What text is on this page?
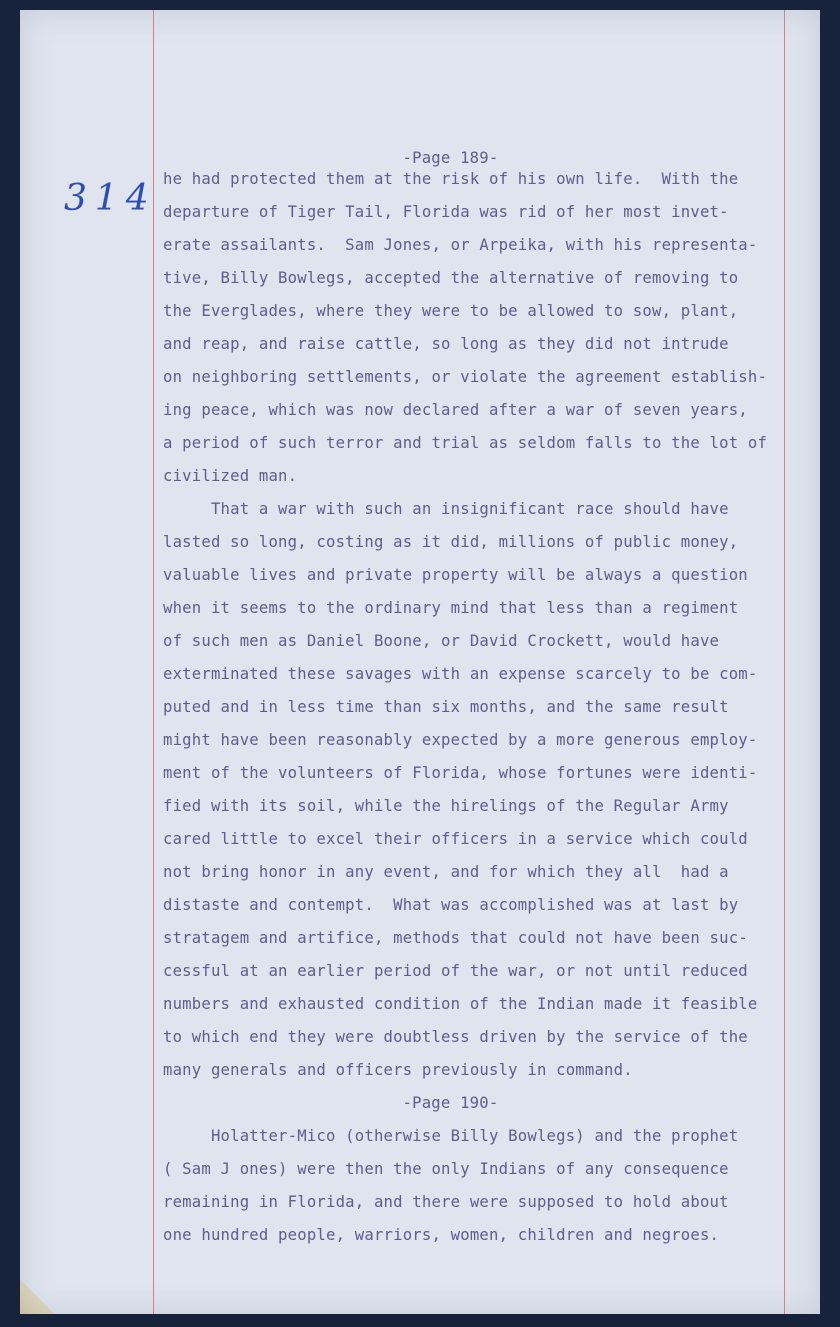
314
-Page 189-
he had protected them at the risk of his own life.  With the
departure of Tiger Tail, Florida was rid of her most invet-
erate assailants.  Sam Jones, or Arpeika, with his representa-
tive, Billy Bowlegs, accepted the alternative of removing to
the Everglades, where they were to be allowed to sow, plant,
and reap, and raise cattle, so long as they did not intrude
on neighboring settlements, or violate the agreement establish-
ing peace, which was now declared after a war of seven years,
a period of such terror and trial as seldom falls to the lot of
civilized man.
That a war with such an insignificant race should have
lasted so long, costing as it did, millions of public money,
valuable lives and private property will be always a question
when it seems to the ordinary mind that less than a regiment
of such men as Daniel Boone, or David Crockett, would have
exterminated these savages with an expense scarcely to be com-
puted and in less time than six months, and the same result
might have been reasonably expected by a more generous employ-
ment of the volunteers of Florida, whose fortunes were identi-
fied with its soil, while the hirelings of the Regular Army
cared little to excel their officers in a service which could
not bring honor in any event, and for which they all  had a
distaste and contempt.  What was accomplished was at last by
stratagem and artifice, methods that could not have been suc-
cessful at an earlier period of the war, or not until reduced
numbers and exhausted condition of the Indian made it feasible
to which end they were doubtless driven by the service of the
many generals and officers previously in command.
-Page 190-
Holatter-Mico (otherwise Billy Bowlegs) and the prophet
( Sam J ones) were then the only Indians of any consequence
remaining in Florida, and there were supposed to hold about
one hundred people, warriors, women, children and negroes.
